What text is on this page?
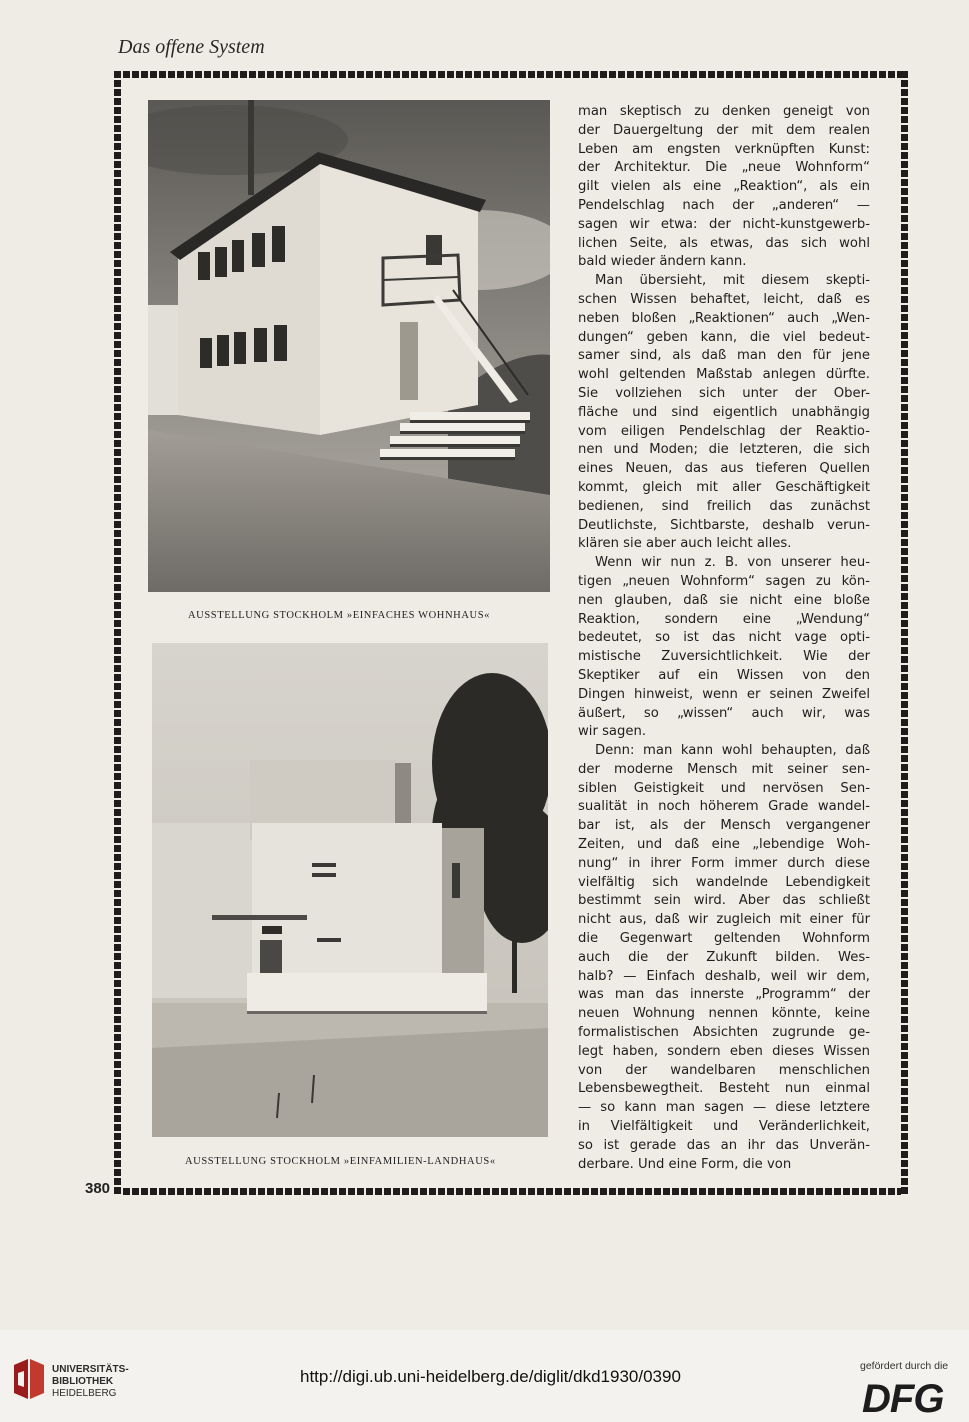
Das offene System
AUSSTELLUNG STOCKHOLM »EINFACHES WOHNHAUS«
AUSSTELLUNG STOCKHOLM »EINFAMILIEN-LANDHAUS«
man skeptisch zu denken geneigt von
der Dauergeltung der mit dem realen
Leben am engsten verknüpften Kunst:
der Architektur. Die „neue Wohnform“
gilt vielen als eine „Reaktion“, als ein
Pendelschlag nach der „anderen“ —
sagen wir etwa: der nicht-kunstgewerb-
lichen Seite, als etwas, das sich wohl
bald wieder ändern kann.
Man übersieht, mit diesem skepti-
schen Wissen behaftet, leicht, daß es
neben bloßen „Reaktionen“ auch „Wen-
dungen“ geben kann, die viel bedeut-
samer sind, als daß man den für jene
wohl geltenden Maßstab anlegen dürfte.
Sie vollziehen sich unter der Ober-
fläche und sind eigentlich unabhängig
vom eiligen Pendelschlag der Reaktio-
nen und Moden; die letzteren, die sich
eines Neuen, das aus tieferen Quellen
kommt, gleich mit aller Geschäftigkeit
bedienen, sind freilich das zunächst
Deutlichste, Sichtbarste, deshalb verun-
klären sie aber auch leicht alles.
Wenn wir nun z. B. von unserer heu-
tigen „neuen Wohnform“ sagen zu kön-
nen glauben, daß sie nicht eine bloße
Reaktion, sondern eine „Wendung“
bedeutet, so ist das nicht vage opti-
mistische Zuversichtlichkeit. Wie der
Skeptiker auf ein Wissen von den
Dingen hinweist, wenn er seinen Zweifel
äußert, so „wissen“ auch wir, was
wir sagen.
Denn: man kann wohl behaupten, daß
der moderne Mensch mit seiner sen-
siblen Geistigkeit und nervösen Sen-
sualität in noch höherem Grade wandel-
bar ist, als der Mensch vergangener
Zeiten, und daß eine „lebendige Woh-
nung“ in ihrer Form immer durch diese
vielfältig sich wandelnde Lebendigkeit
bestimmt sein wird. Aber das schließt
nicht aus, daß wir zugleich mit einer für
die Gegenwart geltenden Wohnform
auch die der Zukunft bilden. Wes-
halb? — Einfach deshalb, weil wir dem,
was man das innerste „Programm“ der
neuen Wohnung nennen könnte, keine
formalistischen Absichten zugrunde ge-
legt haben, sondern eben dieses Wissen
von der wandelbaren menschlichen
Lebensbewegtheit. Besteht nun einmal
— so kann man sagen — diese letztere
in Vielfältigkeit und Veränderlichkeit,
so ist gerade das an ihr das Unverän-
derbare. Und eine Form, die von
380
UNIVERSITÄTS-
BIBLIOTHEK
HEIDELBERG
http://digi.ub.uni-heidelberg.de/diglit/dkd1930/0390
gefördert durch die
DFG
